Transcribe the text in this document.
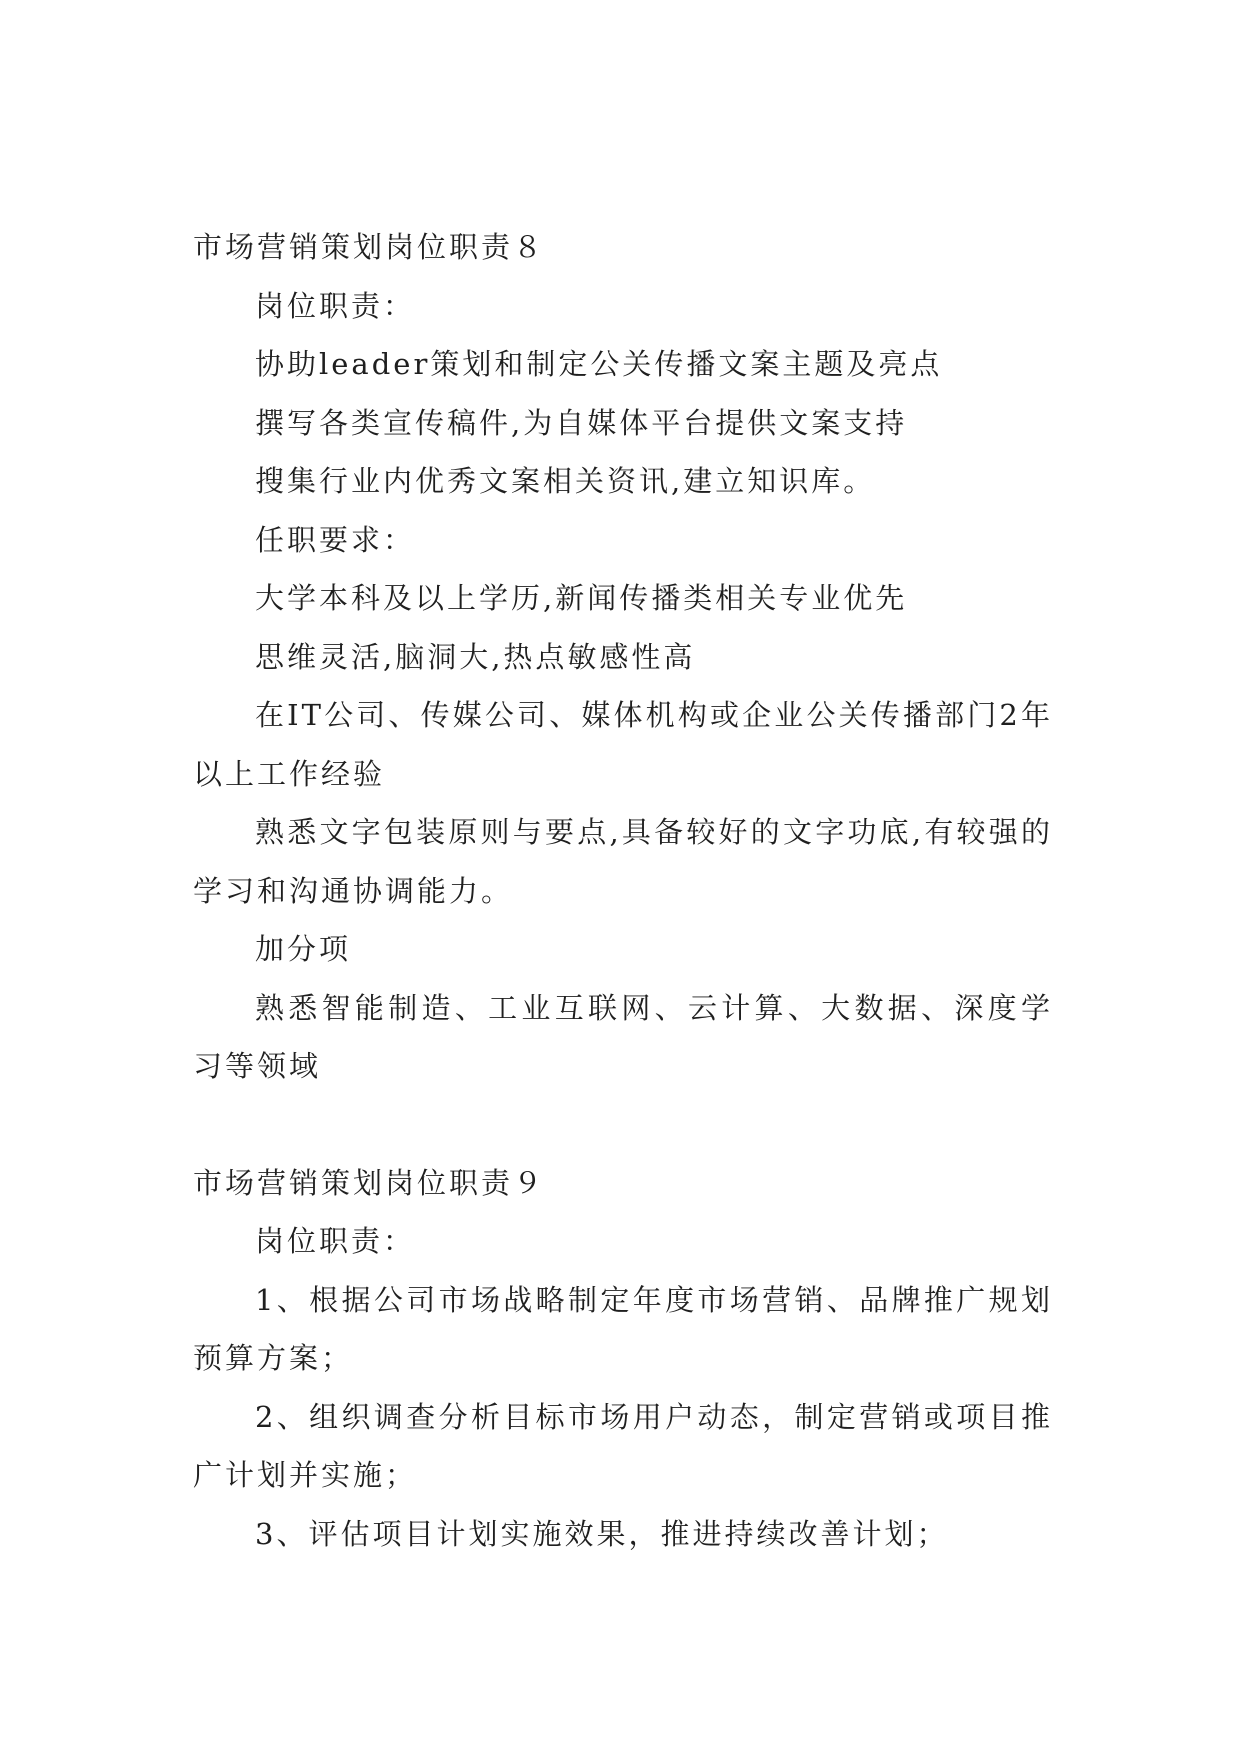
市场营销策划岗位职责８

岗位职责：

协助leader策划和制定公关传播文案主题及亮点

撰写各类宣传稿件,为自媒体平台提供文案支持

搜集行业内优秀文案相关资讯,建立知识库。

任职要求：

大学本科及以上学历,新闻传播类相关专业优先

思维灵活,脑洞大,热点敏感性高

在IT公司、传媒公司、媒体机构或企业公关传播部门2年以上工作经验

熟悉文字包装原则与要点,具备较好的文字功底,有较强的学习和沟通协调能力。

加分项

熟悉智能制造、工业互联网、云计算、大数据、深度学习等领域

市场营销策划岗位职责９

岗位职责：

1、根据公司市场战略制定年度市场营销、品牌推广规划预算方案；

2、组织调查分析目标市场用户动态，制定营销或项目推广计划并实施；

3、评估项目计划实施效果，推进持续改善计划；
